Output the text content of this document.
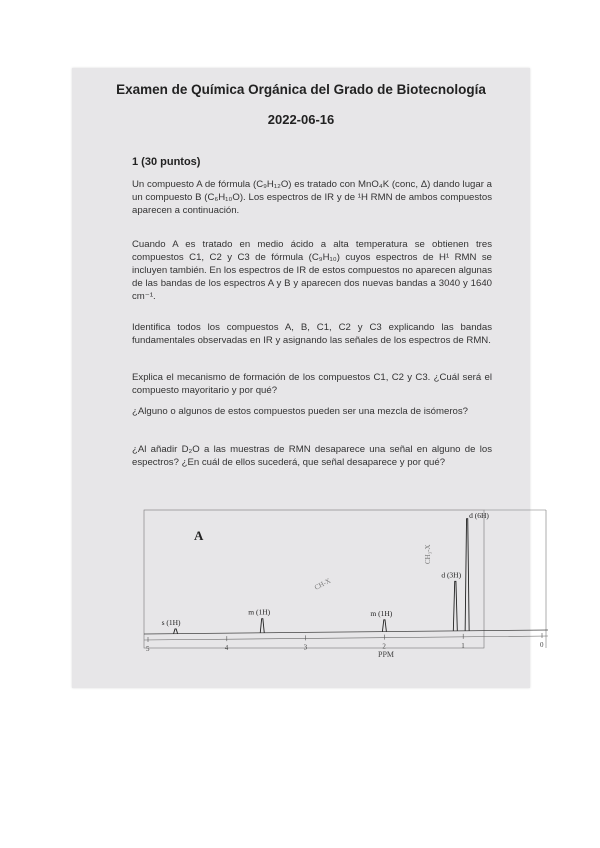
Examen de Química Orgánica del Grado de Biotecnología
2022-06-16
1 (30 puntos)
Un compuesto A de fórmula (C₉H₁₂O) es tratado con MnO₄K (conc, Δ) dando lugar a un compuesto B (C₆H₁₀O). Los espectros de IR y de ¹H RMN de ambos compuestos aparecen a continuación.
Cuando A es tratado en medio ácido a alta temperatura se obtienen tres compuestos C1, C2 y C3 de fórmula (C₉H₁₀) cuyos espectros de H¹ RMN se incluyen también. En los espectros de IR de estos compuestos no aparecen algunas de las bandas de los espectros A y B y aparecen dos nuevas bandas a 3040 y 1640 cm⁻¹.
Identifica todos los compuestos A, B, C1, C2 y C3 explicando las bandas fundamentales observadas en IR y asignando las señales de los espectros de RMN.
Explica el mecanismo de formación de los compuestos C1, C2 y C3. ¿Cuál será el compuesto mayoritario y por qué?
¿Alguno o algunos de estos compuestos pueden ser una mezcla de isómeros?
¿Al añadir D₂O a las muestras de RMN desaparece una señal en alguno de los espectros? ¿En cuál de ellos sucederá, que señal desaparece y por qué?
A
5	4	3	2	1	0
PPM
s (1H)
m (1H)	m (1H)
d (3H)
d (6H)
CH-X
CH₃-X
